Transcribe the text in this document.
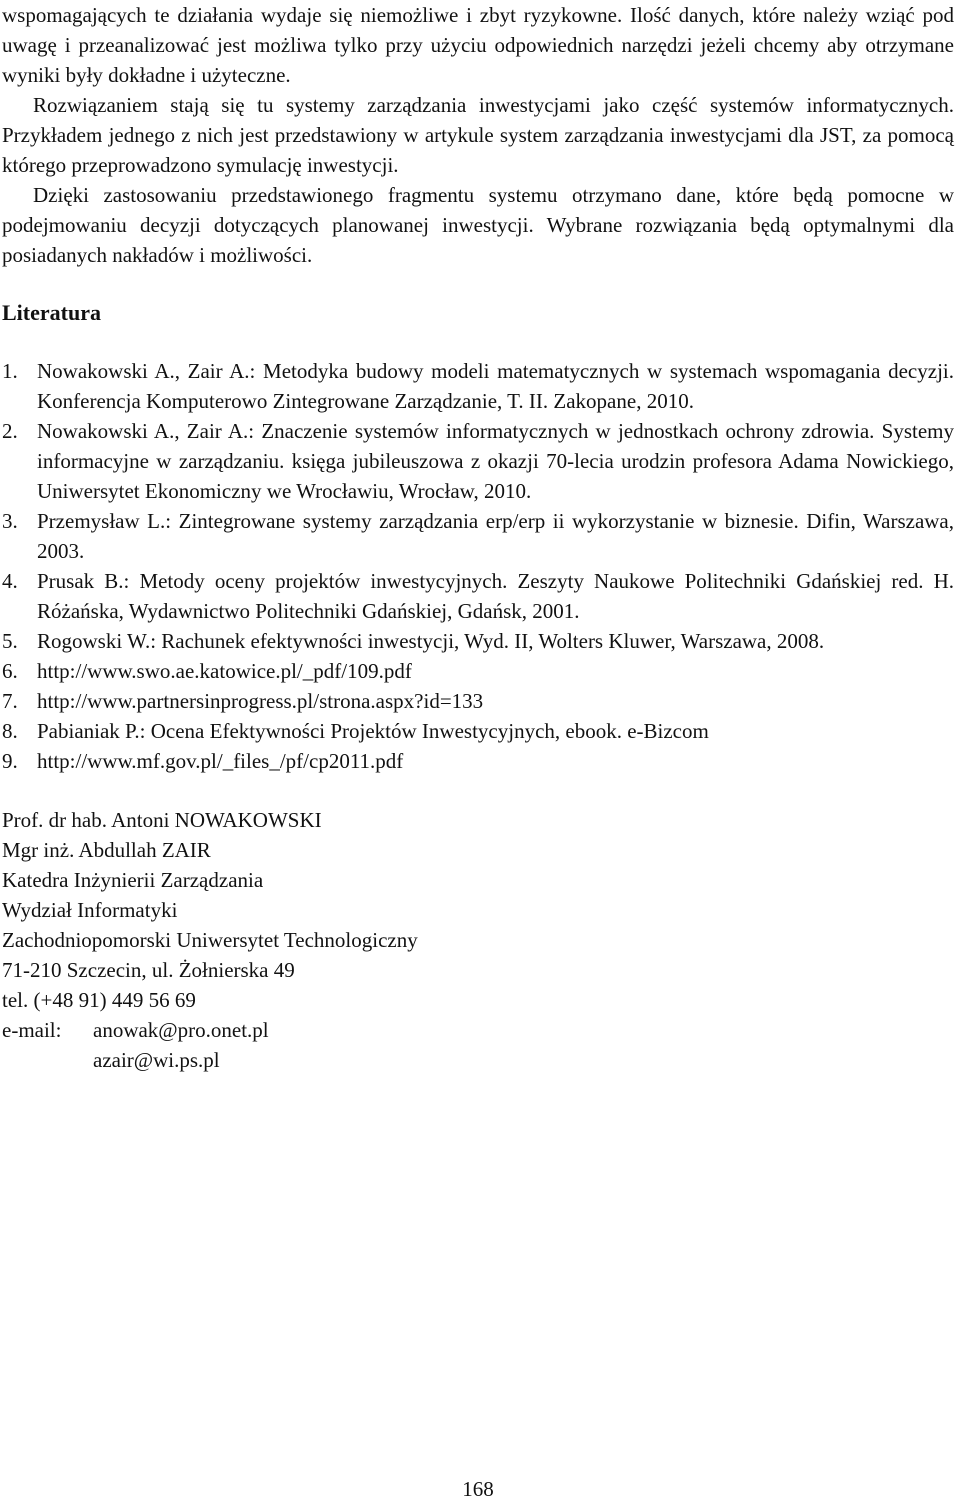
wspomagających te działania wydaje się niemożliwe i zbyt ryzykowne. Ilość danych, które należy wziąć pod uwagę i przeanalizować jest możliwa tylko przy użyciu odpowiednich narzędzi jeżeli chcemy aby otrzymane wyniki były dokładne i użyteczne.

Rozwiązaniem stają się tu systemy zarządzania inwestycjami jako część systemów informatycznych. Przykładem jednego z nich jest przedstawiony w artykule system zarządzania inwestycjami dla JST, za pomocą którego przeprowadzono symulację inwestycji.

Dzięki zastosowaniu przedstawionego fragmentu systemu otrzymano dane, które będą pomocne w podejmowaniu decyzji dotyczących planowanej inwestycji. Wybrane rozwiązania będą optymalnymi dla posiadanych nakładów i możliwości.

Literatura
1. Nowakowski A., Zair A.: Metodyka budowy modeli matematycznych w systemach wspomagania decyzji. Konferencja Komputerowo Zintegrowane Zarządzanie, T. II. Zakopane, 2010.
2. Nowakowski A., Zair A.: Znaczenie systemów informatycznych w jednostkach ochrony zdrowia. Systemy informacyjne w zarządzaniu. księga jubileuszowa z okazji 70-lecia urodzin profesora Adama Nowickiego, Uniwersytet Ekonomiczny we Wrocławiu, Wrocław, 2010.
3. Przemysław L.: Zintegrowane systemy zarządzania erp/erp ii wykorzystanie w biznesie. Difin, Warszawa, 2003.
4. Prusak B.: Metody oceny projektów inwestycyjnych. Zeszyty Naukowe Politechniki Gdańskiej red. H. Różańska, Wydawnictwo Politechniki Gdańskiej, Gdańsk, 2001.
5. Rogowski W.: Rachunek efektywności inwestycji, Wyd. II, Wolters Kluwer, Warszawa, 2008.
6. http://www.swo.ae.katowice.pl/_pdf/109.pdf
7. http://www.partnersinprogress.pl/strona.aspx?id=133
8. Pabianiak P.: Ocena Efektywności Projektów Inwestycyjnych, ebook. e-Bizcom
9. http://www.mf.gov.pl/_files_/pf/cp2011.pdf
Prof. dr hab. Antoni NOWAKOWSKI
Mgr inż. Abdullah ZAIR
Katedra Inżynierii Zarządzania
Wydział Informatyki
Zachodniopomorski Uniwersytet Technologiczny
71-210 Szczecin, ul. Żołnierska 49
tel. (+48 91) 449 56 69
e-mail:	anowak@pro.onet.pl
azair@wi.ps.pl
168
